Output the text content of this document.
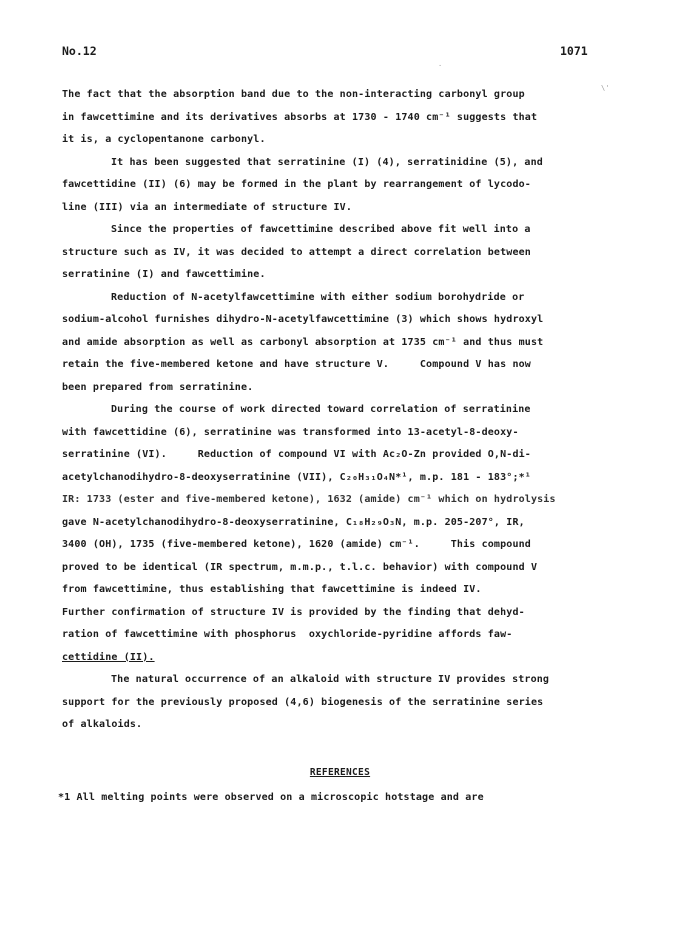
No.12	1071
\'
.
The fact that the absorption band due to the non-interacting carbonyl group
in fawcettimine and its derivatives absorbs at 1730 - 1740 cm⁻¹ suggests that
it is, a cyclopentanone carbonyl.
It has been suggested that serratinine (I) (4), serratinidine (5), and
fawcettidine (II) (6) may be formed in the plant by rearrangement of lycodo-
line (III) via an intermediate of structure IV.
Since the properties of fawcettimine described above fit well into a
structure such as IV, it was decided to attempt a direct correlation between
serratinine (I) and fawcettimine.
Reduction of N-acetylfawcettimine with either sodium borohydride or
sodium-alcohol furnishes dihydro-N-acetylfawcettimine (3) which shows hydroxyl
and amide absorption as well as carbonyl absorption at 1735 cm⁻¹ and thus must
retain the five-membered ketone and have structure V.     Compound V has now
been prepared from serratinine.
During the course of work directed toward correlation of serratinine
with fawcettidine (6), serratinine was transformed into 13-acetyl-8-deoxy-
serratinine (VI).     Reduction of compound VI with Ac₂O-Zn provided O,N-di-
acetylchanodihydro-8-deoxyserratinine (VII), C₂₀H₃₁O₄N*¹, m.p. 181 - 183°;*¹
IR: 1733 (ester and five-membered ketone), 1632 (amide) cm⁻¹ which on hydrolysis
gave N-acetylchanodihydro-8-deoxyserratinine, C₁₈H₂₉O₃N, m.p. 205-207°, IR,
3400 (OH), 1735 (five-membered ketone), 1620 (amide) cm⁻¹.     This compound
proved to be identical (IR spectrum, m.m.p., t.l.c. behavior) with compound V
from fawcettimine, thus establishing that fawcettimine is indeed IV.
Further confirmation of structure IV is provided by the finding that dehyd-
ration of fawcettimine with phosphorus  oxychloride-pyridine affords faw-
cettidine (II).
The natural occurrence of an alkaloid with structure IV provides strong
support for the previously proposed (4,6) biogenesis of the serratinine series
of alkaloids.
REFERENCES
*1 All melting points were observed on a microscopic hotstage and are
